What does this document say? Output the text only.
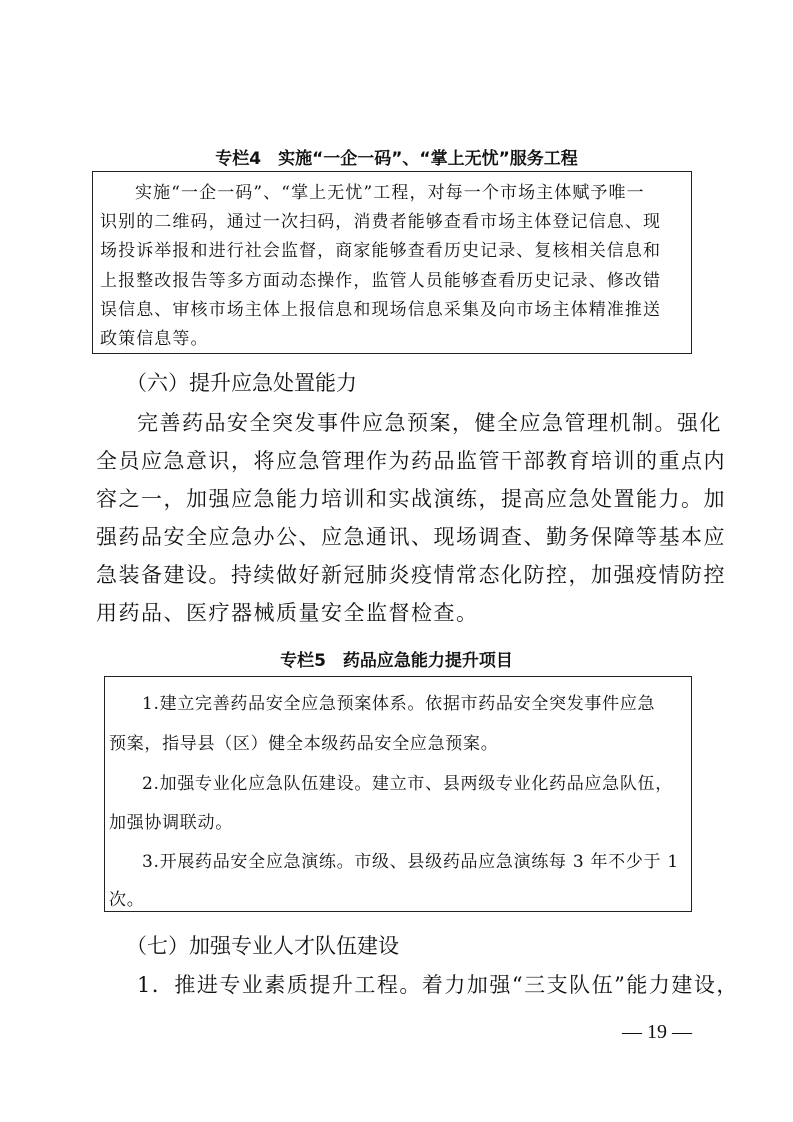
专栏4　实施“一企一码”、“掌上无忧”服务工程
实施“一企一码”、“掌上无忧”工程，对每一个市场主体赋予唯一
识别的二维码，通过一次扫码，消费者能够查看市场主体登记信息、现
场投诉举报和进行社会监督，商家能够查看历史记录、复核相关信息和
上报整改报告等多方面动态操作，监管人员能够查看历史记录、修改错
误信息、审核市场主体上报信息和现场信息采集及向市场主体精准推送
政策信息等。
（六）提升应急处置能力
完善药品安全突发事件应急预案，健全应急管理机制。强化
全员应急意识，将应急管理作为药品监管干部教育培训的重点内
容之一，加强应急能力培训和实战演练，提高应急处置能力。加
强药品安全应急办公、应急通讯、现场调查、勤务保障等基本应
急装备建设。持续做好新冠肺炎疫情常态化防控，加强疫情防控
用药品、医疗器械质量安全监督检查。
专栏5　药品应急能力提升项目
1.建立完善药品安全应急预案体系。依据市药品安全突发事件应急
预案，指导县（区）健全本级药品安全应急预案。
2.加强专业化应急队伍建设。建立市、县两级专业化药品应急队伍，
加强协调联动。
3.开展药品安全应急演练。市级、县级药品应急演练每 3 年不少于 1
次。
（七）加强专业人才队伍建设
1．推进专业素质提升工程。着力加强“三支队伍”能力建设，
— 19 —
